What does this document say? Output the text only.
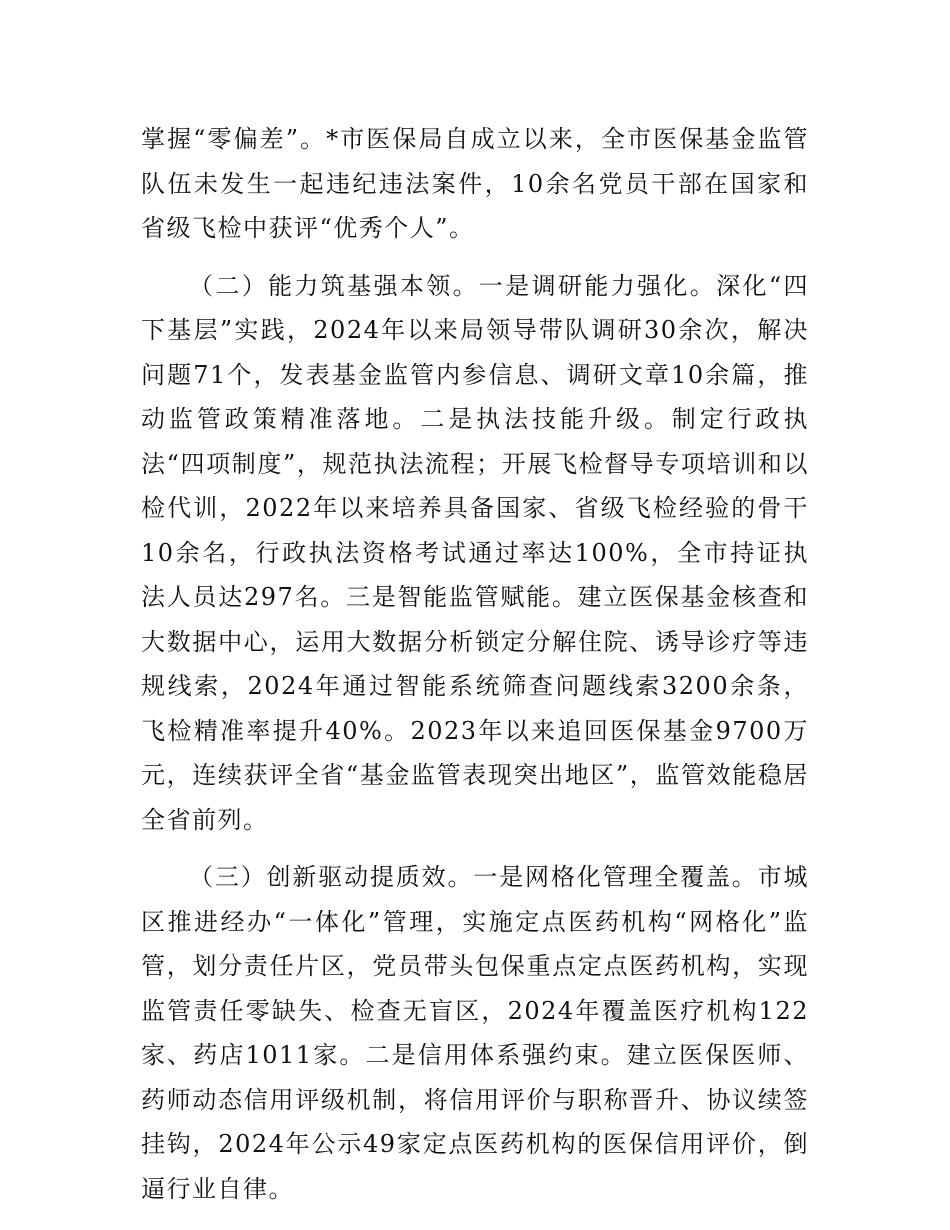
掌握“零偏差”。*市医保局自成立以来，全市医保基金监管队伍未发生一起违纪违法案件，10余名党员干部在国家和省级飞检中获评“优秀个人”。

（二）能力筑基强本领。一是调研能力强化。深化“四下基层”实践，2024年以来局领导带队调研30余次，解决问题71个，发表基金监管内参信息、调研文章10余篇，推动监管政策精准落地。二是执法技能升级。制定行政执法“四项制度”，规范执法流程；开展飞检督导专项培训和以检代训，2022年以来培养具备国家、省级飞检经验的骨干10余名，行政执法资格考试通过率达100%，全市持证执法人员达297名。三是智能监管赋能。建立医保基金核查和大数据中心，运用大数据分析锁定分解住院、诱导诊疗等违规线索，2024年通过智能系统筛查问题线索3200余条，飞检精准率提升40%。2023年以来追回医保基金9700万元，连续获评全省“基金监管表现突出地区”，监管效能稳居全省前列。

（三）创新驱动提质效。一是网格化管理全覆盖。市城区推进经办“一体化”管理，实施定点医药机构“网格化”监管，划分责任片区，党员带头包保重点定点医药机构，实现监管责任零缺失、检查无盲区，2024年覆盖医疗机构122家、药店1011家。二是信用体系强约束。建立医保医师、药师动态信用评级机制，将信用评价与职称晋升、协议续签挂钩，2024年公示49家定点医药机构的医保信用评价，倒逼行业自律。
